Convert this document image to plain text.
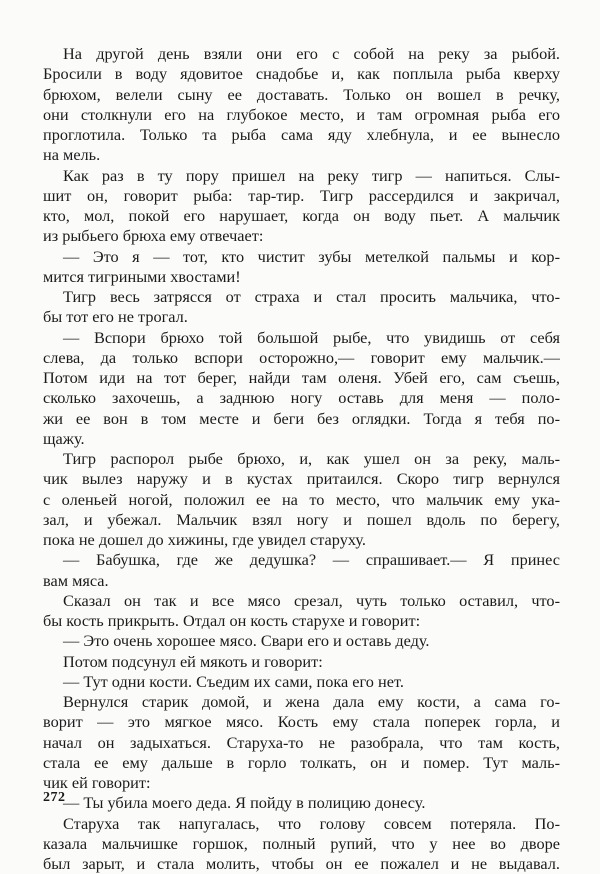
На другой день взяли они его с собой на реку за рыбой.
Бросили в воду ядовитое снадобье и, как поплыла рыба кверху
брюхом, велели сыну ее доставать. Только он вошел в речку,
они столкнули его на глубокое место, и там огромная рыба его
проглотила. Только та рыба сама яду хлебнула, и ее вынесло
на мель.
Как раз в ту пору пришел на реку тигр — напиться. Слы-
шит он, говорит рыба: тар-тир. Тигр рассердился и закричал,
кто, мол, покой его нарушает, когда он воду пьет. А мальчик
из рыбьего брюха ему отвечает:
— Это я — тот, кто чистит зубы метелкой пальмы и кор-
мится тигриными хвостами!
Тигр весь затрясся от страха и стал просить мальчика, что-
бы тот его не трогал.
— Вспори брюхо той большой рыбе, что увидишь от себя
слева, да только вспори осторожно,— говорит ему мальчик.—
Потом иди на тот берег, найди там оленя. Убей его, сам съешь,
сколько захочешь, а заднюю ногу оставь для меня — поло-
жи ее вон в том месте и беги без оглядки. Тогда я тебя по-
щажу.
Тигр распорол рыбе брюхо, и, как ушел он за реку, маль-
чик вылез наружу и в кустах притаился. Скоро тигр вернулся
с оленьей ногой, положил ее на то место, что мальчик ему ука-
зал, и убежал. Мальчик взял ногу и пошел вдоль по берегу,
пока не дошел до хижины, где увидел старуху.
— Бабушка, где же дедушка? — спрашивает.— Я принес
вам мяса.
Сказал он так и все мясо срезал, чуть только оставил, что-
бы кость прикрыть. Отдал он кость старухе и говорит:
— Это очень хорошее мясо. Свари его и оставь деду.
Потом подсунул ей мякоть и говорит:
— Тут одни кости. Съедим их сами, пока его нет.
Вернулся старик домой, и жена дала ему кости, а сама го-
ворит — это мягкое мясо. Кость ему стала поперек горла, и
начал он задыхаться. Старуха-то не разобрала, что там кость,
стала ее ему дальше в горло толкать, он и помер. Тут маль-
чик ей говорит:
— Ты убила моего деда. Я пойду в полицию донесу.
Старуха так напугалась, что голову совсем потеряла. По-
казала мальчишке горшок, полный рупий, что у нее во дворе
был зарыт, и стала молить, чтобы он ее пожалел и не выдавал.
272
